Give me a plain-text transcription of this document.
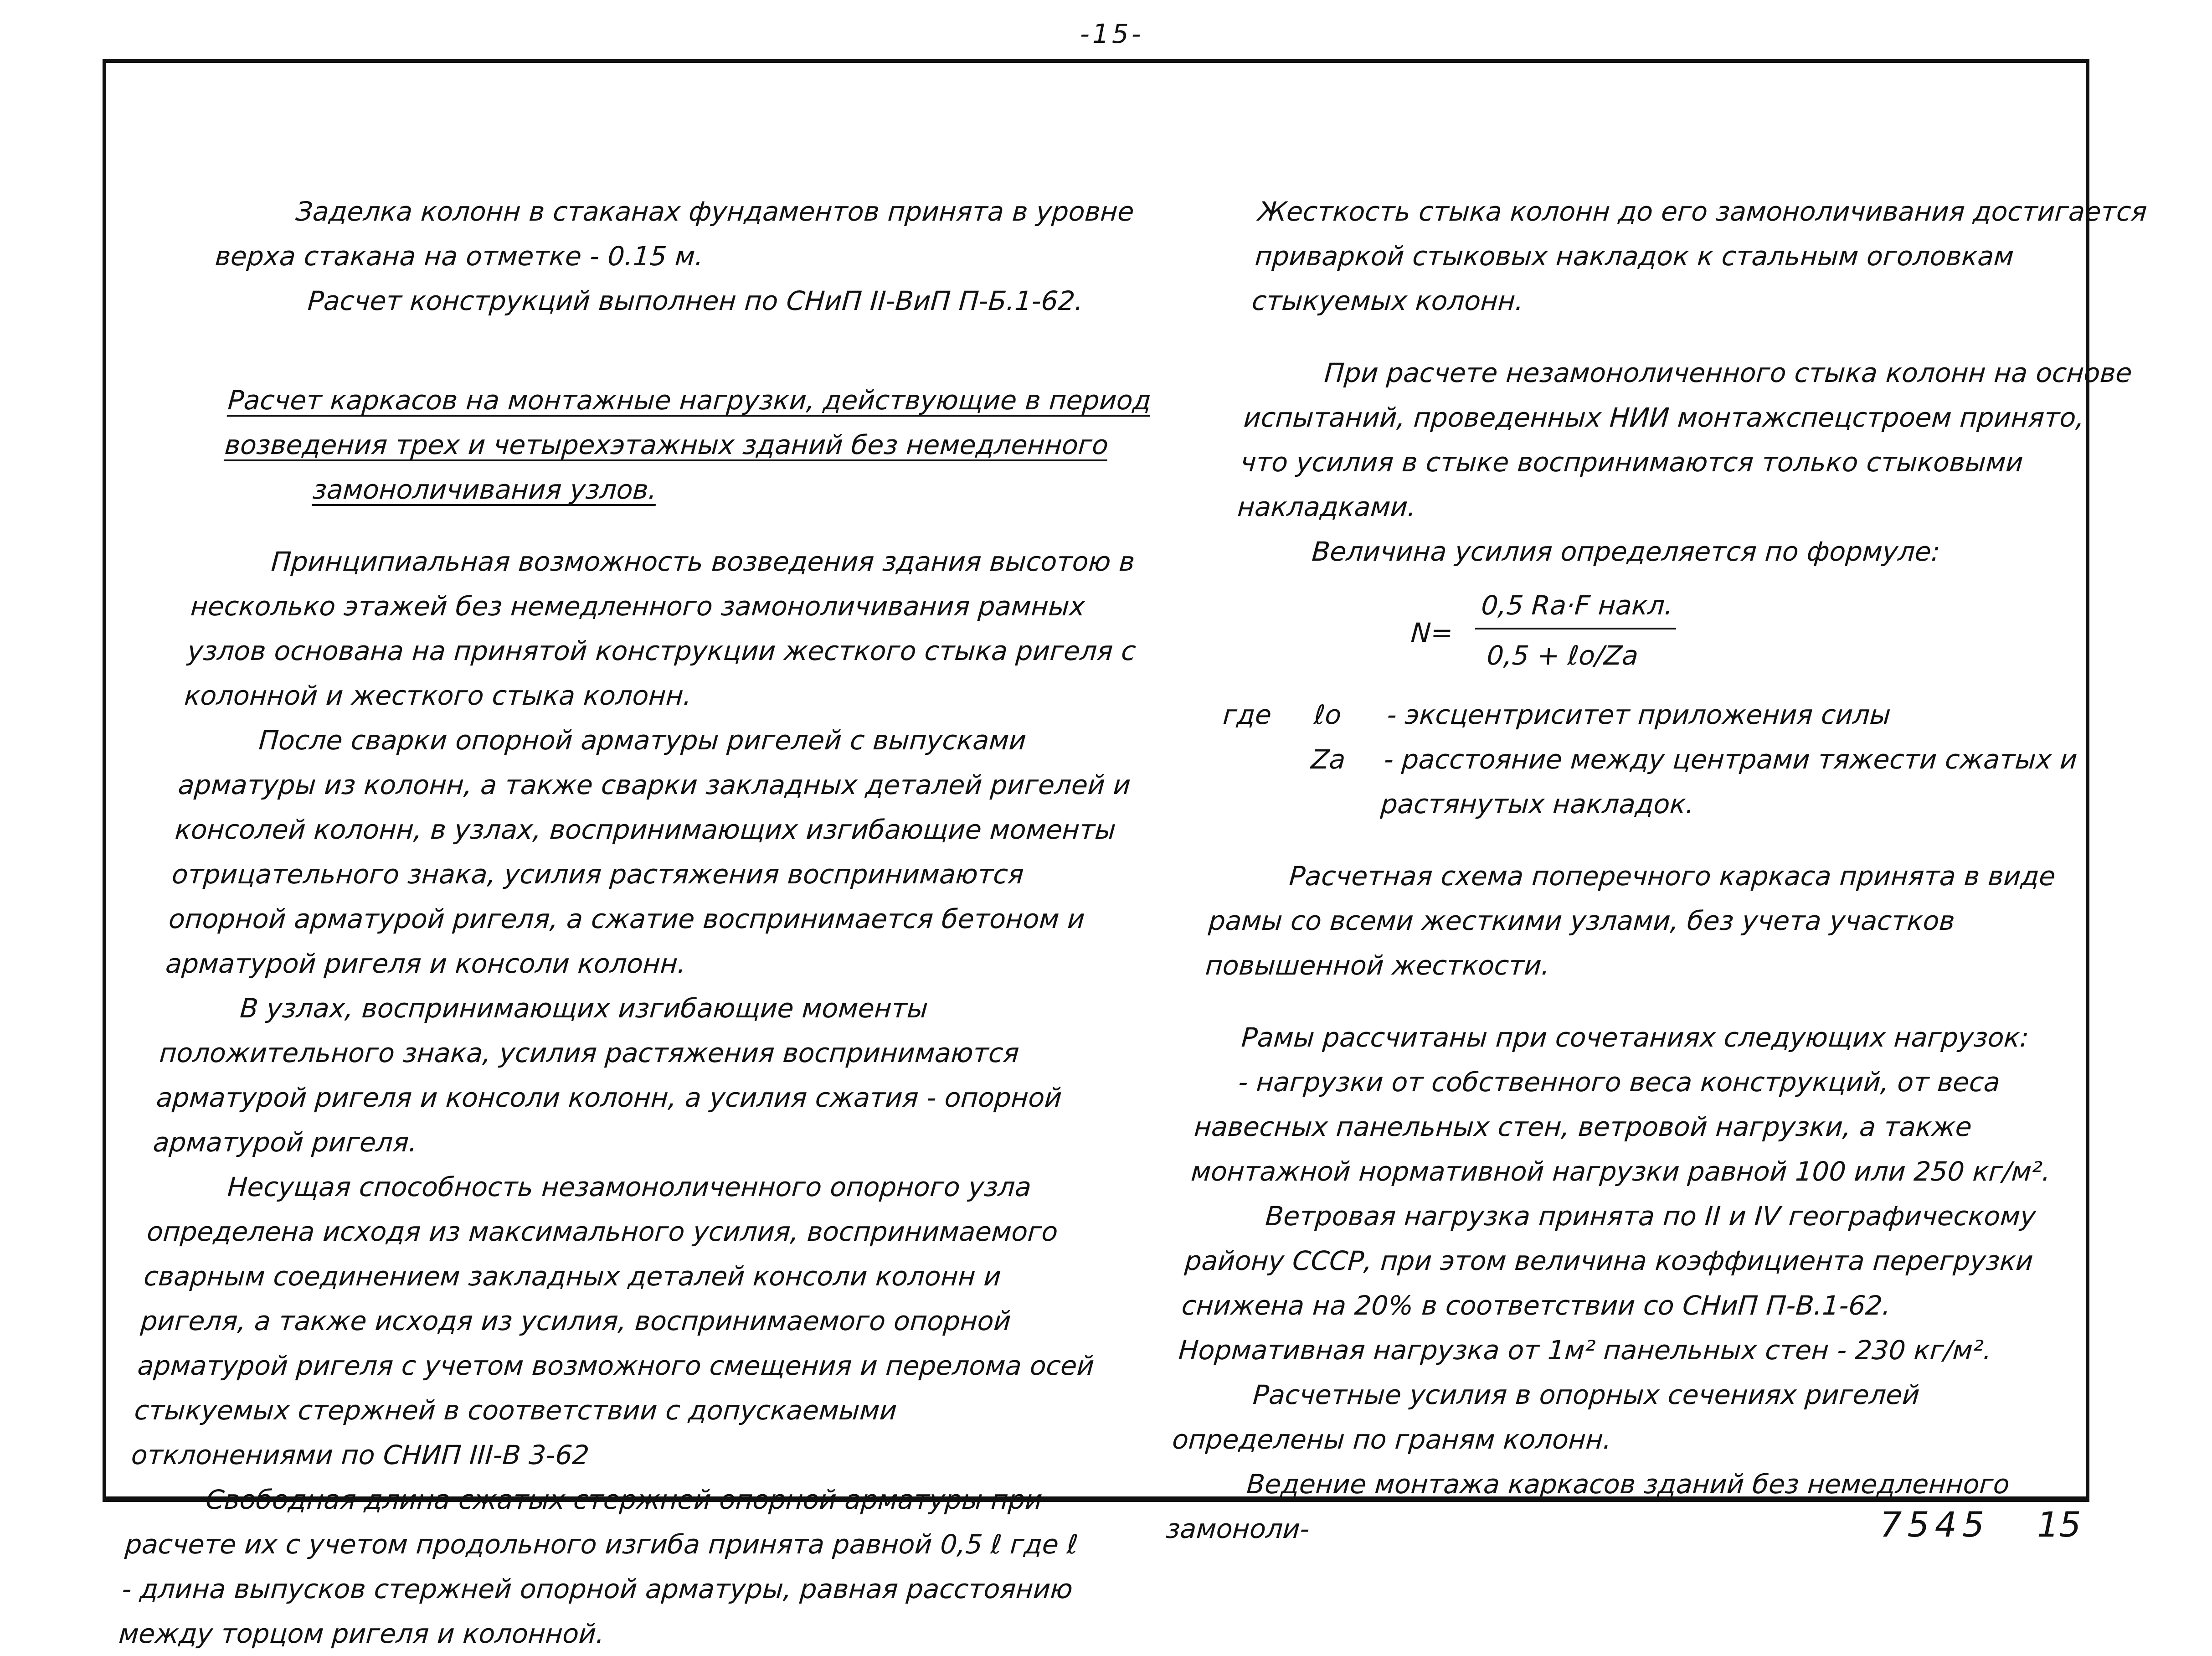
-15-

Заделка колонн в стаканах фундаментов принята в уровне

верха стакана на отметке - 0.15 м.

Расчет конструкций выполнен по СНиП II-ВиП П-Б.1-62.

Расчет каркасов на монтажные нагрузки, действующие в период
возведения трех и четырехэтажных зданий без немедленного
замоноличивания узлов.

Принципиальная возможность возведения здания высотою в несколько этажей без немедленного замоноличивания рамных узлов основана на принятой конструкции жесткого стыка ригеля с колонной и жесткого стыка колонн.

После сварки опорной арматуры ригелей с выпусками арматуры из колонн, а также сварки закладных деталей ригелей и консолей колонн, в узлах, воспринимающих изгибающие моменты отрицательного знака, усилия растяжения воспринимаются опорной арматурой ригеля, а сжатие воспринимается бетоном и арматурой ригеля и консоли колонн.

В узлах, воспринимающих изгибающие моменты положительного знака, усилия растяжения воспринимаются арматурой ригеля и консоли колонн, а усилия сжатия - опорной арматурой ригеля.

Несущая способность незамоноличенного опорного узла определена исходя из максимального усилия, воспринимаемого сварным соединением закладных деталей консоли колонн и ригеля, а также исходя из усилия, воспринимаемого опорной арматурой ригеля с учетом возможного смещения и перелома осей стыкуемых стержней в соответствии с допускаемыми отклонениями по СНИП III-В 3-62

Свободная длина сжатых стержней опорной арматуры при расчете их с учетом продольного изгиба принята равной 0,5 ℓ где ℓ - длина выпусков стержней опорной арматуры, равная расстоянию между торцом ригеля и колонной.

Жесткость стыка колонн до его замоноличивания достигается приваркой стыковых накладок к стальным оголовкам стыкуемых колонн.

При расчете незамоноличенного стыка колонн на основе испытаний, проведенных НИИ монтажспецстроем принято, что усилия в стыке воспринимаются только стыковыми накладками.

Величина усилия определяется по формуле:

N=
0,5 Rа·F накл.
0,5 + ℓo/Zа
где	ℓo	- эксцентриситет приложения силы
Zа	- расстояние между центрами тяжести сжатых и растянутых накладок.

Расчетная схема поперечного каркаса принята в виде рамы со всеми жесткими узлами, без учета участков повышенной жесткости.

Рамы рассчитаны при сочетаниях следующих нагрузок:

- нагрузки от собственного веса конструкций, от веса навесных панельных стен, ветровой нагрузки, а также монтажной нормативной нагрузки равной 100 или 250 кг/м².

Ветровая нагрузка принята по II и IV географическому району СССР, при этом величина коэффициента перегрузки снижена на 20% в соответствии со СНиП П-В.1-62. Нормативная нагрузка от 1м² панельных стен - 230 кг/м².

Расчетные усилия в опорных сечениях ригелей определены по граням колонн.

Ведение монтажа каркасов зданий без немедленного замоноли-	7545 15
